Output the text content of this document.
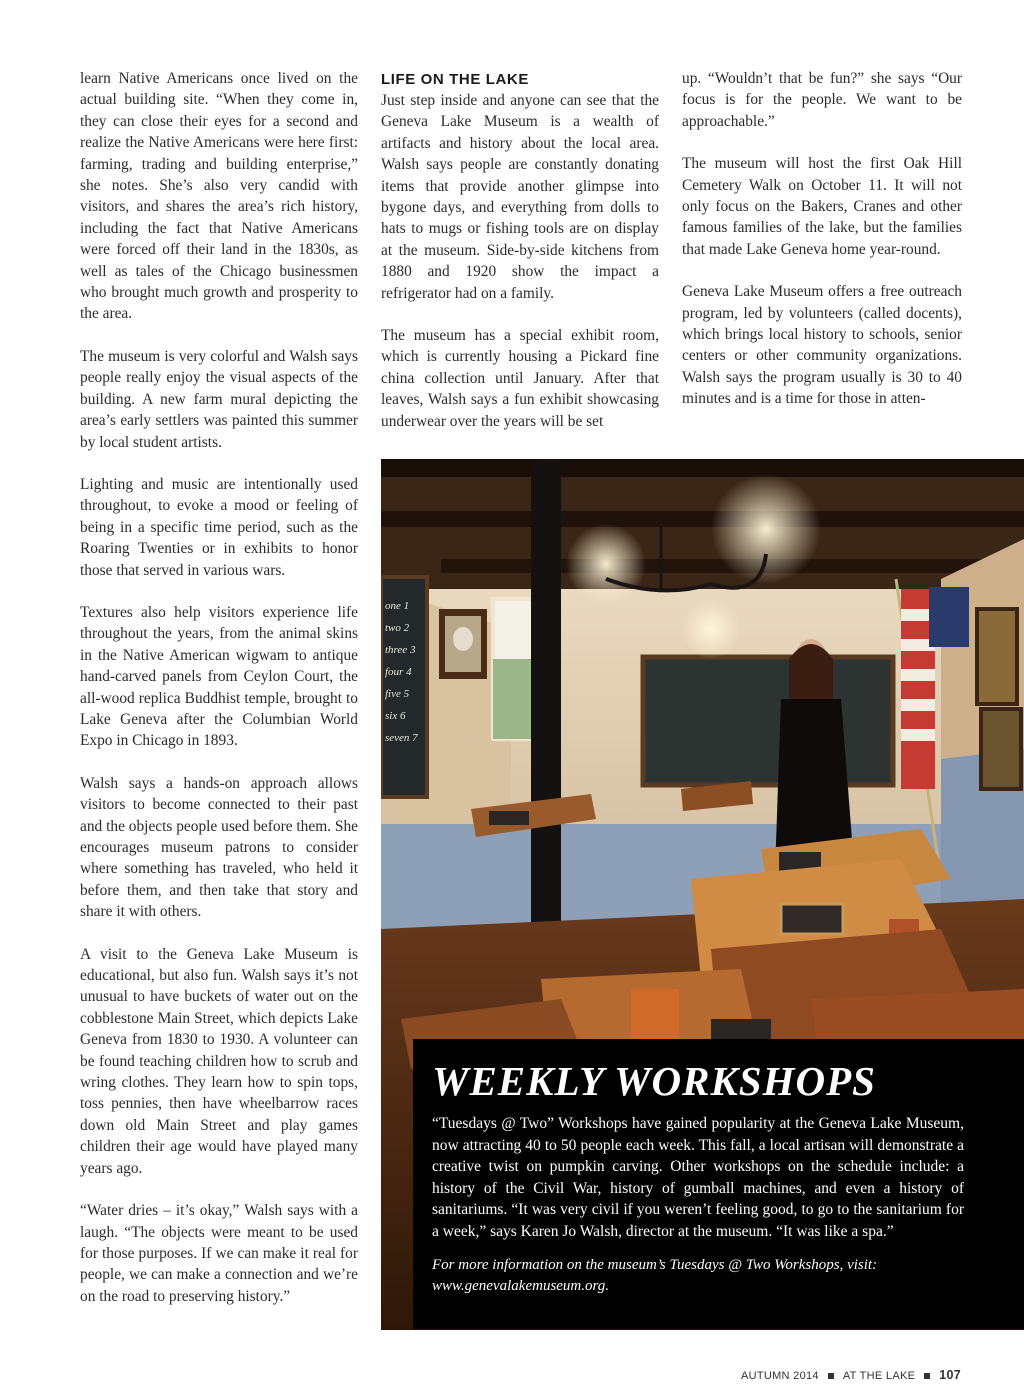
learn Native Americans once lived on the actual building site. “When they come in, they can close their eyes for a second and realize the Native Americans were here first: farming, trading and building enterprise,” she notes. She’s also very candid with visitors, and shares the area’s rich history, including the fact that Native Americans were forced off their land in the 1830s, as well as tales of the Chicago businessmen who brought much growth and prosperity to the area.

The museum is very colorful and Walsh says people really enjoy the visual aspects of the building. A new farm mural depicting the area’s early settlers was painted this summer by local student artists.

Lighting and music are intentionally used throughout, to evoke a mood or feeling of being in a specific time period, such as the Roaring Twenties or in exhibits to honor those that served in various wars.

Textures also help visitors experience life throughout the years, from the animal skins in the Native American wigwam to antique hand-carved panels from Ceylon Court, the all-wood replica Buddhist temple, brought to Lake Geneva after the Columbian World Expo in Chicago in 1893.

Walsh says a hands-on approach allows visitors to become connected to their past and the objects people used before them. She encourages museum patrons to consider where something has traveled, who held it before them, and then take that story and share it with others.

A visit to the Geneva Lake Museum is educational, but also fun. Walsh says it’s not unusual to have buckets of water out on the cobblestone Main Street, which depicts Lake Geneva from 1830 to 1930. A volunteer can be found teaching children how to scrub and wring clothes. They learn how to spin tops, toss pennies, then have wheelbarrow races down old Main Street and play games children their age would have played many years ago.

“Water dries – it’s okay,” Walsh says with a laugh. “The objects were meant to be used for those purposes. If we can make it real for people, we can make a connection and we’re on the road to preserving history.”

LIFE ON THE LAKE

Just step inside and anyone can see that the Geneva Lake Museum is a wealth of artifacts and history about the local area. Walsh says people are constantly donating items that provide another glimpse into bygone days, and everything from dolls to hats to mugs or fishing tools are on display at the museum. Side-by-side kitchens from 1880 and 1920 show the impact a refrigerator had on a family.

The museum has a special exhibit room, which is currently housing a Pickard fine china collection until January. After that leaves, Walsh says a fun exhibit showcasing underwear over the years will be set

up. “Wouldn’t that be fun?” she says “Our focus is for the people. We want to be approachable.”

The museum will host the first Oak Hill Cemetery Walk on October 11. It will not only focus on the Bakers, Cranes and other famous families of the lake, but the families that made Lake Geneva home year-round.

Geneva Lake Museum offers a free outreach program, led by volunteers (called docents), which brings local history to schools, senior centers or other community organizations. Walsh says the program usually is 30 to 40 minutes and is a time for those in atten-

one 1
two 2
three 3
four 4
five 5
six 6
seven 7
WEEKLY WORKSHOPS
“Tuesdays @ Two” Workshops have gained popularity at the Geneva Lake Museum, now attracting 40 to 50 people each week. This fall, a local artisan will demonstrate a creative twist on pumpkin carving. Other workshops on the schedule include: a history of the Civil War, history of gumball machines, and even a history of sanitariums. “It was very civil if you weren’t feeling good, to go to the sanitarium for a week,” says Karen Jo Walsh, director at the museum. “It was like a spa.”
For more information on the museum’s Tuesdays @ Two Workshops, visit: www.genevalakemuseum.org.
AUTUMN 2014 AT THE LAKE 107
